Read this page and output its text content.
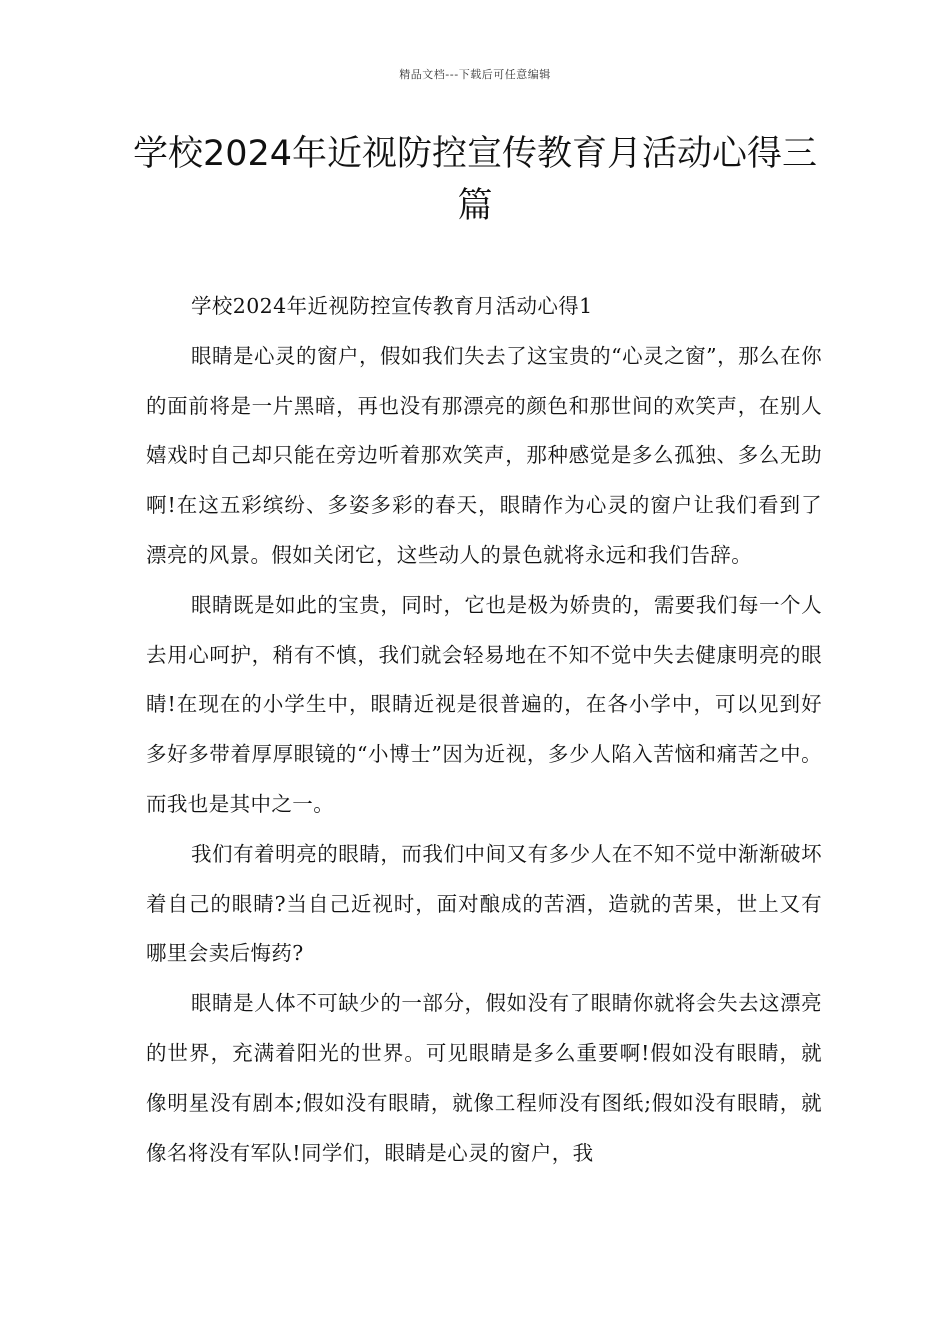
精品文档---下载后可任意编辑
学校2024年近视防控宣传教育月活动心得三篇

学校2024年近视防控宣传教育月活动心得1

眼睛是心灵的窗户，假如我们失去了这宝贵的“心灵之窗”，那么在你的面前将是一片黑暗，再也没有那漂亮的颜色和那世间的欢笑声，在别人嬉戏时自己却只能在旁边听着那欢笑声，那种感觉是多么孤独、多么无助啊!在这五彩缤纷、多姿多彩的春天，眼睛作为心灵的窗户让我们看到了漂亮的风景。假如关闭它，这些动人的景色就将永远和我们告辞。

眼睛既是如此的宝贵，同时，它也是极为娇贵的，需要我们每一个人去用心呵护，稍有不慎，我们就会轻易地在不知不觉中失去健康明亮的眼睛!在现在的小学生中，眼睛近视是很普遍的，在各小学中，可以见到好多好多带着厚厚眼镜的“小博士”因为近视，多少人陷入苦恼和痛苦之中。而我也是其中之一。

我们有着明亮的眼睛，而我们中间又有多少人在不知不觉中渐渐破坏着自己的眼睛?当自己近视时，面对酿成的苦酒，造就的苦果，世上又有哪里会卖后悔药?

眼睛是人体不可缺少的一部分，假如没有了眼睛你就将会失去这漂亮的世界，充满着阳光的世界。可见眼睛是多么重要啊!假如没有眼睛，就像明星没有剧本;假如没有眼睛，就像工程师没有图纸;假如没有眼睛，就像名将没有军队!同学们，眼睛是心灵的窗户，我
